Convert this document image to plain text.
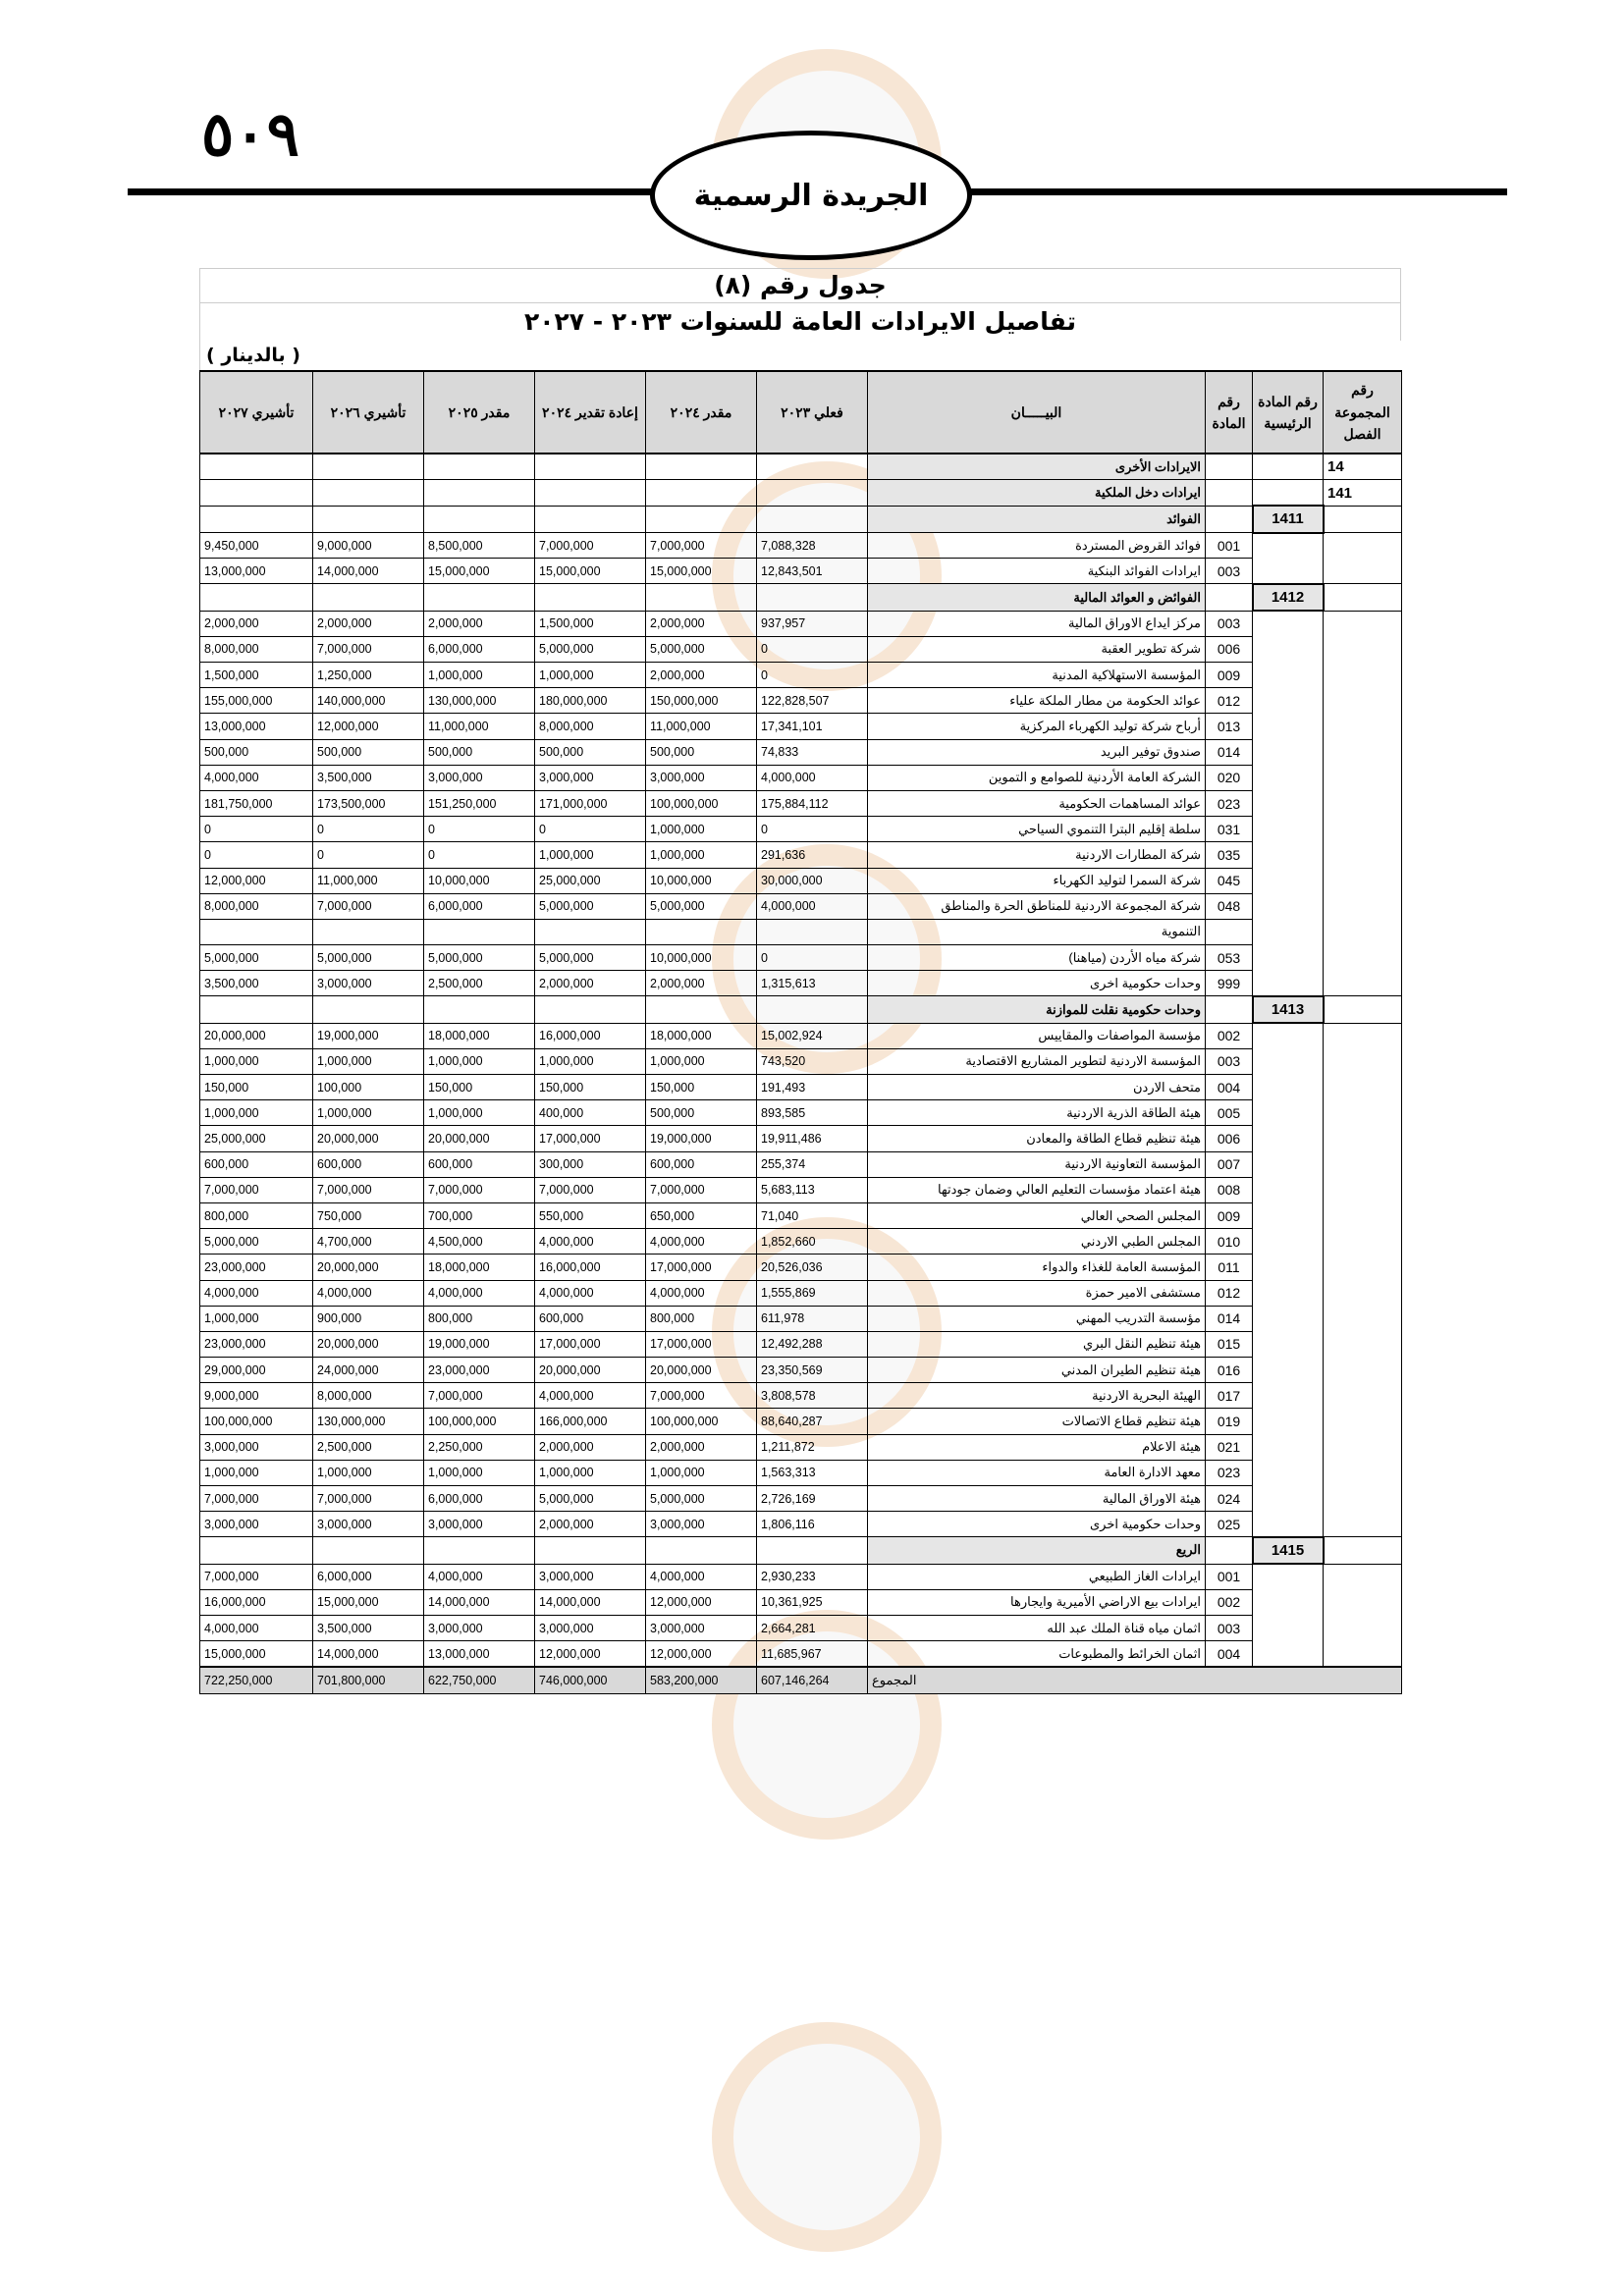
٥٠٩
الجريدة الرسمية
جدول رقم (٨)
تفاصيل الايرادات العامة للسنوات ٢٠٢٣ - ٢٠٢٧
( بالدينار )
رقم المجموعة الفصل	رقم المادة الرئيسية	رقم المادة	البيـــــان	فعلي ٢٠٢٣	مقدر ٢٠٢٤	إعادة تقدير ٢٠٢٤	مقدر ٢٠٢٥	تأشيري ٢٠٢٦	تأشيري ٢٠٢٧
14			الايرادات الأخرى						
141			ايرادات دخل الملكية						
	1411		الفوائد						
		001	فوائد القروض المستردة	7,088,328	7,000,000	7,000,000	8,500,000	9,000,000	9,450,000
		003	ايرادات الفوائد البنكية	12,843,501	15,000,000	15,000,000	15,000,000	14,000,000	13,000,000
	1412		الفوائض و العوائد المالية						
		003	مركز ايداع الاوراق المالية	937,957	2,000,000	1,500,000	2,000,000	2,000,000	2,000,000
		006	شركة تطوير العقبة	0	5,000,000	5,000,000	6,000,000	7,000,000	8,000,000
		009	المؤسسة الاستهلاكية المدنية	0	2,000,000	1,000,000	1,000,000	1,250,000	1,500,000
		012	عوائد الحكومة من مطار الملكة علياء	122,828,507	150,000,000	180,000,000	130,000,000	140,000,000	155,000,000
		013	أرباح شركة توليد الكهرباء المركزية	17,341,101	11,000,000	8,000,000	11,000,000	12,000,000	13,000,000
		014	صندوق توفير البريد	74,833	500,000	500,000	500,000	500,000	500,000
		020	الشركة العامة الأردنية للصوامع و التموين	4,000,000	3,000,000	3,000,000	3,000,000	3,500,000	4,000,000
		023	عوائد المساهمات الحكومية	175,884,112	100,000,000	171,000,000	151,250,000	173,500,000	181,750,000
		031	سلطة إقليم البترا التنموي السياحي	0	1,000,000	0	0	0	0
		035	شركة المطارات الاردنية	291,636	1,000,000	1,000,000	0	0	0
		045	شركة السمرا لتوليد الكهرباء	30,000,000	10,000,000	25,000,000	10,000,000	11,000,000	12,000,000
		048	شركة المجموعة الاردنية للمناطق الحرة والمناطق	4,000,000	5,000,000	5,000,000	6,000,000	7,000,000	8,000,000
			التنموية						
		053	شركة مياه الأردن (مياهنا)	0	10,000,000	5,000,000	5,000,000	5,000,000	5,000,000
		999	وحدات حكومية اخرى	1,315,613	2,000,000	2,000,000	2,500,000	3,000,000	3,500,000
	1413		وحدات حكومية نقلت للموازنة						
		002	مؤسسة المواصفات والمقاييس	15,002,924	18,000,000	16,000,000	18,000,000	19,000,000	20,000,000
		003	المؤسسة الاردنية لتطوير المشاريع الاقتصادية	743,520	1,000,000	1,000,000	1,000,000	1,000,000	1,000,000
		004	متحف الاردن	191,493	150,000	150,000	150,000	100,000	150,000
		005	هيئة الطاقة الذرية الاردنية	893,585	500,000	400,000	1,000,000	1,000,000	1,000,000
		006	هيئة تنظيم قطاع الطاقة والمعادن	19,911,486	19,000,000	17,000,000	20,000,000	20,000,000	25,000,000
		007	المؤسسة التعاونية الاردنية	255,374	600,000	300,000	600,000	600,000	600,000
		008	هيئة اعتماد مؤسسات التعليم العالي وضمان جودتها	5,683,113	7,000,000	7,000,000	7,000,000	7,000,000	7,000,000
		009	المجلس الصحي العالي	71,040	650,000	550,000	700,000	750,000	800,000
		010	المجلس الطبي الاردني	1,852,660	4,000,000	4,000,000	4,500,000	4,700,000	5,000,000
		011	المؤسسة العامة للغذاء والدواء	20,526,036	17,000,000	16,000,000	18,000,000	20,000,000	23,000,000
		012	مستشفى الامير حمزة	1,555,869	4,000,000	4,000,000	4,000,000	4,000,000	4,000,000
		014	مؤسسة التدريب المهني	611,978	800,000	600,000	800,000	900,000	1,000,000
		015	هيئة تنظيم النقل البري	12,492,288	17,000,000	17,000,000	19,000,000	20,000,000	23,000,000
		016	هيئة تنظيم الطيران المدني	23,350,569	20,000,000	20,000,000	23,000,000	24,000,000	29,000,000
		017	الهيئة البحرية الاردنية	3,808,578	7,000,000	4,000,000	7,000,000	8,000,000	9,000,000
		019	هيئة تنظيم قطاع الاتصالات	88,640,287	100,000,000	166,000,000	100,000,000	130,000,000	100,000,000
		021	هيئة الاعلام	1,211,872	2,000,000	2,000,000	2,250,000	2,500,000	3,000,000
		023	معهد الادارة العامة	1,563,313	1,000,000	1,000,000	1,000,000	1,000,000	1,000,000
		024	هيئة الاوراق المالية	2,726,169	5,000,000	5,000,000	6,000,000	7,000,000	7,000,000
		025	وحدات حكومية اخرى	1,806,116	3,000,000	2,000,000	3,000,000	3,000,000	3,000,000
	1415		الريع						
		001	ايرادات الغاز الطبيعي	2,930,233	4,000,000	3,000,000	4,000,000	6,000,000	7,000,000
		002	ايرادات بيع الاراضي الأميرية وايجارها	10,361,925	12,000,000	14,000,000	14,000,000	15,000,000	16,000,000
		003	اثمان مياه قناة الملك عبد الله	2,664,281	3,000,000	3,000,000	3,000,000	3,500,000	4,000,000
		004	اثمان الخرائط والمطبوعات	11,685,967	12,000,000	12,000,000	13,000,000	14,000,000	15,000,000
المجموع				607,146,264	583,200,000	746,000,000	622,750,000	701,800,000	722,250,000
